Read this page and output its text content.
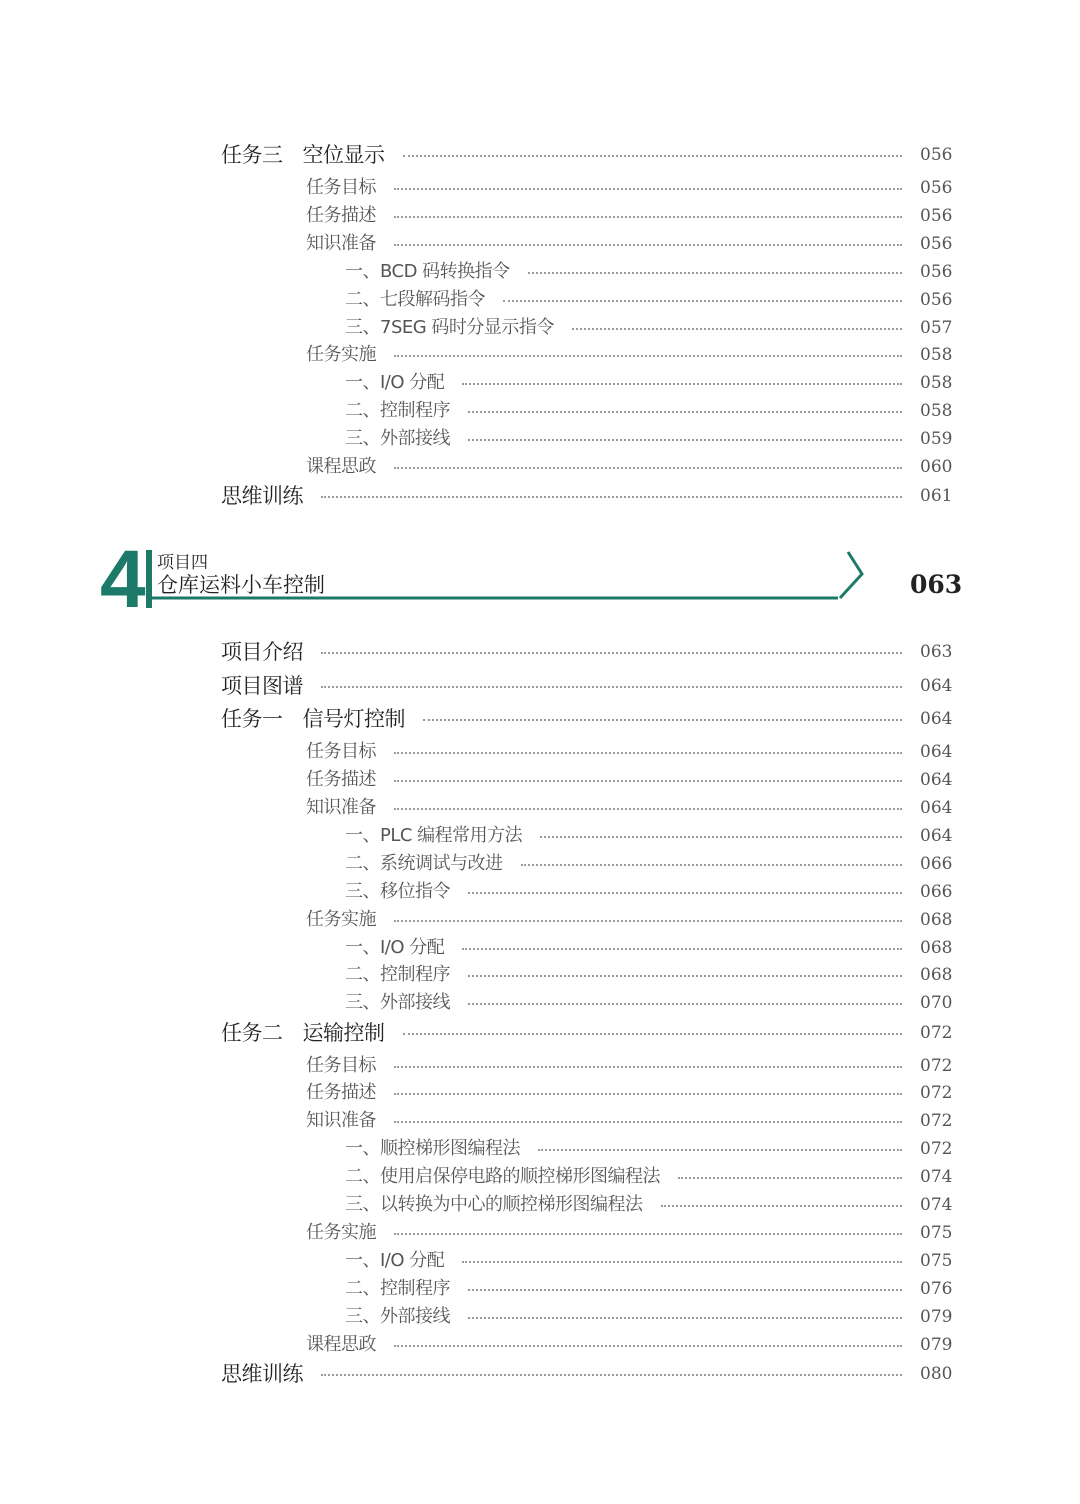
任务三 空位显示	056
任务目标	056
任务描述	056
知识准备	056
一、BCD 码转换指令	056
二、七段解码指令	056
三、7SEG 码时分显示指令	057
任务实施	058
一、I/O 分配	058
二、控制程序	058
三、外部接线	059
课程思政	060
思维训练	061
4 项目四
仓库运料小车控制	063
项目介绍	063
项目图谱	064
任务一 信号灯控制	064
任务目标	064
任务描述	064
知识准备	064
一、PLC 编程常用方法	064
二、系统调试与改进	066
三、移位指令	066
任务实施	068
一、I/O 分配	068
二、控制程序	068
三、外部接线	070
任务二 运输控制	072
任务目标	072
任务描述	072
知识准备	072
一、顺控梯形图编程法	072
二、使用启保停电路的顺控梯形图编程法	074
三、以转换为中心的顺控梯形图编程法	074
任务实施	075
一、I/O 分配	075
二、控制程序	076
三、外部接线	079
课程思政	079
思维训练	080
